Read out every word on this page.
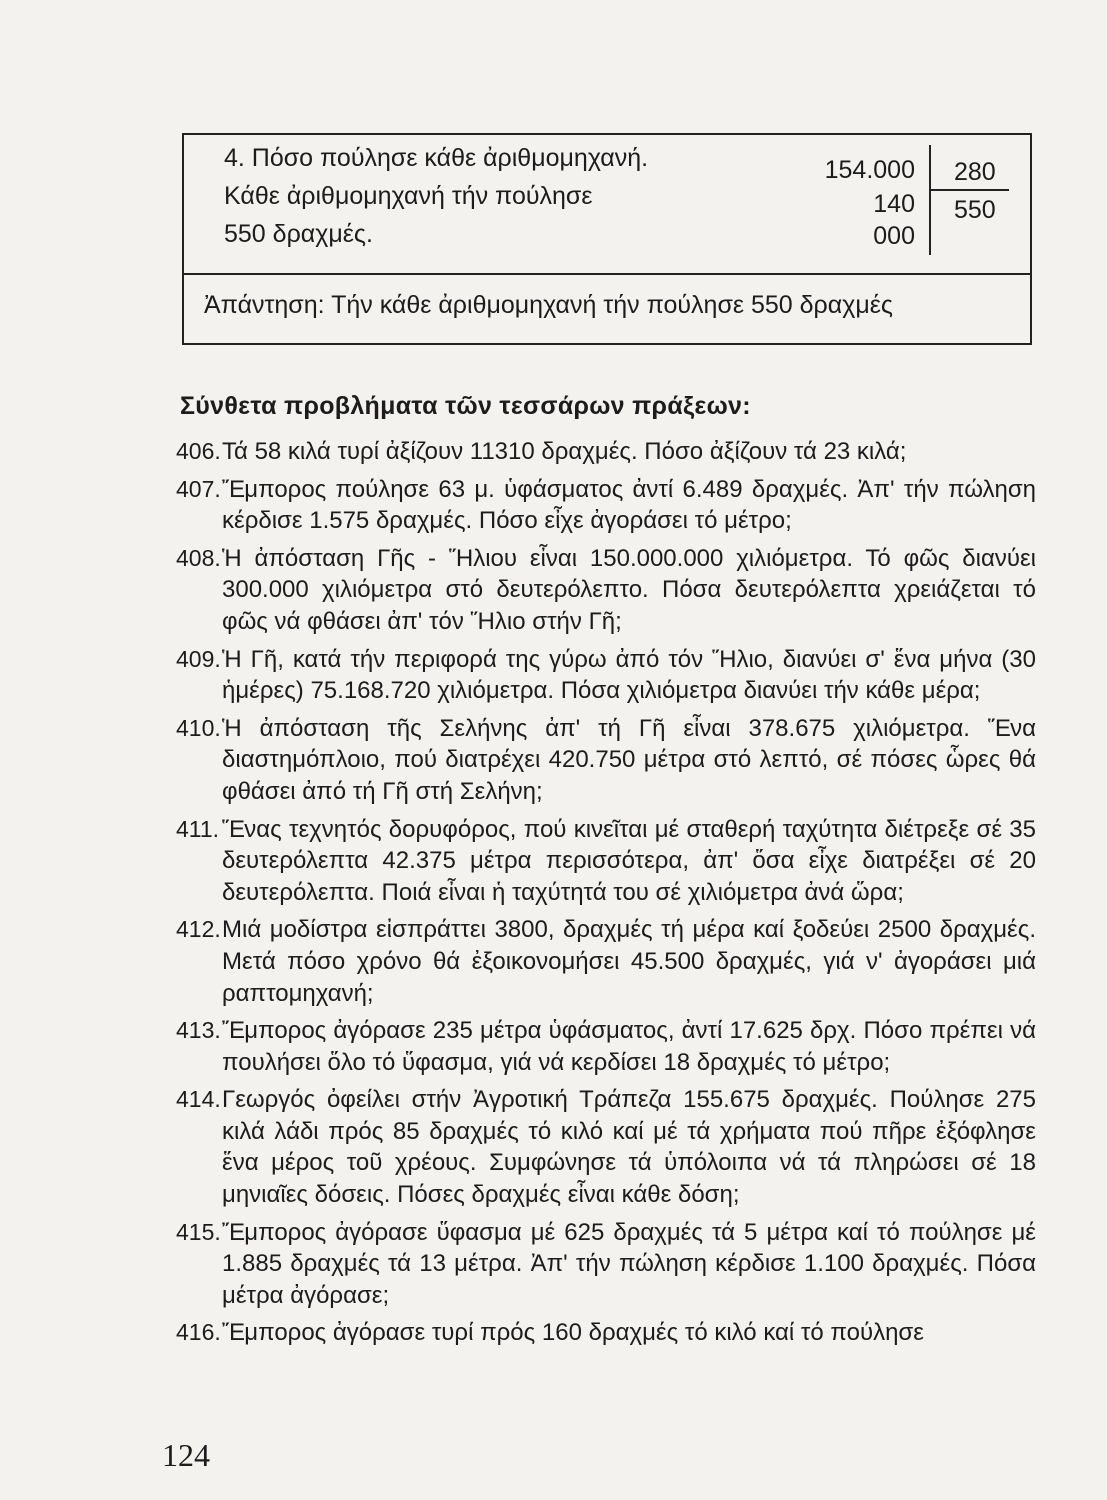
4. Πόσο πούλησε κάθε ἀριθμομηχανή.
Κάθε ἀριθμομηχανή τήν πούλησε
550 δραχμές.
154.000
140
000
280
550
Ἀπάντηση: Τήν κάθε ἀριθμομηχανή τήν πούλησε 550 δραχμές
Σύνθετα προβλήματα τῶν τεσσάρων πράξεων:

406. Τά 58 κιλά τυρί ἀξίζουν 11310 δραχμές. Πόσο ἀξίζουν τά 23 κιλά;

407. Ἔμπορος πούλησε 63 μ. ὑφάσματος ἀντί 6.489 δραχμές. Ἀπ' τήν πώληση κέρδισε 1.575 δραχμές. Πόσο εἶχε ἀγοράσει τό μέτρο;

408. Ἡ ἀπόσταση Γῆς - Ἥλιου εἶναι 150.000.000 χιλιόμετρα. Τό φῶς διανύει 300.000 χιλιόμετρα στό δευτερόλεπτο. Πόσα δευτερόλεπτα χρειάζεται τό φῶς νά φθάσει ἀπ' τόν Ἥλιο στήν Γῆ;

409. Ἡ Γῆ, κατά τήν περιφορά της γύρω ἀπό τόν Ἥλιο, διανύει σ' ἕνα μήνα (30 ἡμέρες) 75.168.720 χιλιόμετρα. Πόσα χιλιόμετρα διανύει τήν κάθε μέρα;

410. Ἡ ἀπόσταση τῆς Σελήνης ἀπ' τή Γῆ εἶναι 378.675 χιλιόμετρα. Ἕνα διαστημόπλοιο, πού διατρέχει 420.750 μέτρα στό λεπτό, σέ πόσες ὧρες θά φθάσει ἀπό τή Γῆ στή Σελήνη;

411. Ἕνας τεχνητός δορυφόρος, πού κινεῖται μέ σταθερή ταχύτητα διέτρεξε σέ 35 δευτερόλεπτα 42.375 μέτρα περισσότερα, ἀπ' ὅσα εἶχε διατρέξει σέ 20 δευτερόλεπτα. Ποιά εἶναι ἡ ταχύτητά του σέ χιλιόμετρα ἀνά ὥρα;

412. Μιά μοδίστρα εἰσπράττει 3800, δραχμές τή μέρα καί ξοδεύει 2500 δραχμές. Μετά πόσο χρόνο θά ἐξοικονομήσει 45.500 δραχμές, γιά ν' ἀγοράσει μιά ραπτομηχανή;

413. Ἔμπορος ἀγόρασε 235 μέτρα ὑφάσματος, ἀντί 17.625 δρχ. Πόσο πρέπει νά πουλήσει ὅλο τό ὕφασμα, γιά νά κερδίσει 18 δραχμές τό μέτρο;

414. Γεωργός ὀφείλει στήν Ἀγροτική Τράπεζα 155.675 δραχμές. Πούλησε 275 κιλά λάδι πρός 85 δραχμές τό κιλό καί μέ τά χρήματα πού πῆρε ἐξόφλησε ἕνα μέρος τοῦ χρέους. Συμφώνησε τά ὑπόλοιπα νά τά πληρώσει σέ 18 μηνιαῖες δόσεις. Πόσες δραχμές εἶναι κάθε δόση;

415. Ἔμπορος ἀγόρασε ὕφασμα μέ 625 δραχμές τά 5 μέτρα καί τό πούλησε μέ 1.885 δραχμές τά 13 μέτρα. Ἀπ' τήν πώληση κέρδισε 1.100 δραχμές. Πόσα μέτρα ἀγόρασε;

416. Ἔμπορος ἀγόρασε τυρί πρός 160 δραχμές τό κιλό καί τό πούλησε

124
